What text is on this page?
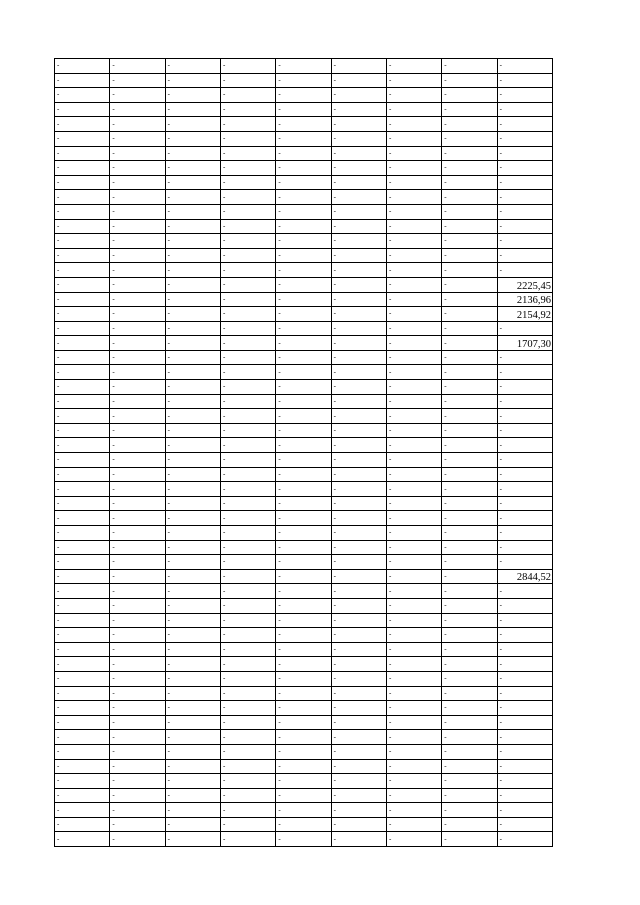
-	-	-	-	-	-	-	-	-
-	-	-	-	-	-	-	-	-
-	-	-	-	-	-	-	-	-
-	-	-	-	-	-	-	-	-
-	-	-	-	-	-	-	-	-
-	-	-	-	-	-	-	-	-
-	-	-	-	-	-	-	-	-
-	-	-	-	-	-	-	-	-
-	-	-	-	-	-	-	-	-
-	-	-	-	-	-	-	-	-
-	-	-	-	-	-	-	-	-
-	-	-	-	-	-	-	-	-
-	-	-	-	-	-	-	-	-
-	-	-	-	-	-	-	-	-
-	-	-	-	-	-	-	-	-
-	-	-	-	-	-	-	-	2225,45
-	-	-	-	-	-	-	-	2136,96
-	-	-	-	-	-	-	-	2154,92
-	-	-	-	-	-	-	-	-
-	-	-	-	-	-	-	-	1707,30
-	-	-	-	-	-	-	-	-
-	-	-	-	-	-	-	-	-
-	-	-	-	-	-	-	-	-
-	-	-	-	-	-	-	-	-
-	-	-	-	-	-	-	-	-
-	-	-	-	-	-	-	-	-
-	-	-	-	-	-	-	-	-
-	-	-	-	-	-	-	-	-
-	-	-	-	-	-	-	-	-
-	-	-	-	-	-	-	-	-
-	-	-	-	-	-	-	-	-
-	-	-	-	-	-	-	-	-
-	-	-	-	-	-	-	-	-
-	-	-	-	-	-	-	-	-
-	-	-	-	-	-	-	-	-
-	-	-	-	-	-	-	-	2844,52
-	-	-	-	-	-	-	-	-
-	-	-	-	-	-	-	-	-
-	-	-	-	-	-	-	-	-
-	-	-	-	-	-	-	-	-
-	-	-	-	-	-	-	-	-
-	-	-	-	-	-	-	-	-
-	-	-	-	-	-	-	-	-
-	-	-	-	-	-	-	-	-
-	-	-	-	-	-	-	-	-
-	-	-	-	-	-	-	-	-
-	-	-	-	-	-	-	-	-
-	-	-	-	-	-	-	-	-
-	-	-	-	-	-	-	-	-
-	-	-	-	-	-	-	-	-
-	-	-	-	-	-	-	-	-
-	-	-	-	-	-	-	-	-
-	-	-	-	-	-	-	-	-
-	-	-	-	-	-	-	-	-
